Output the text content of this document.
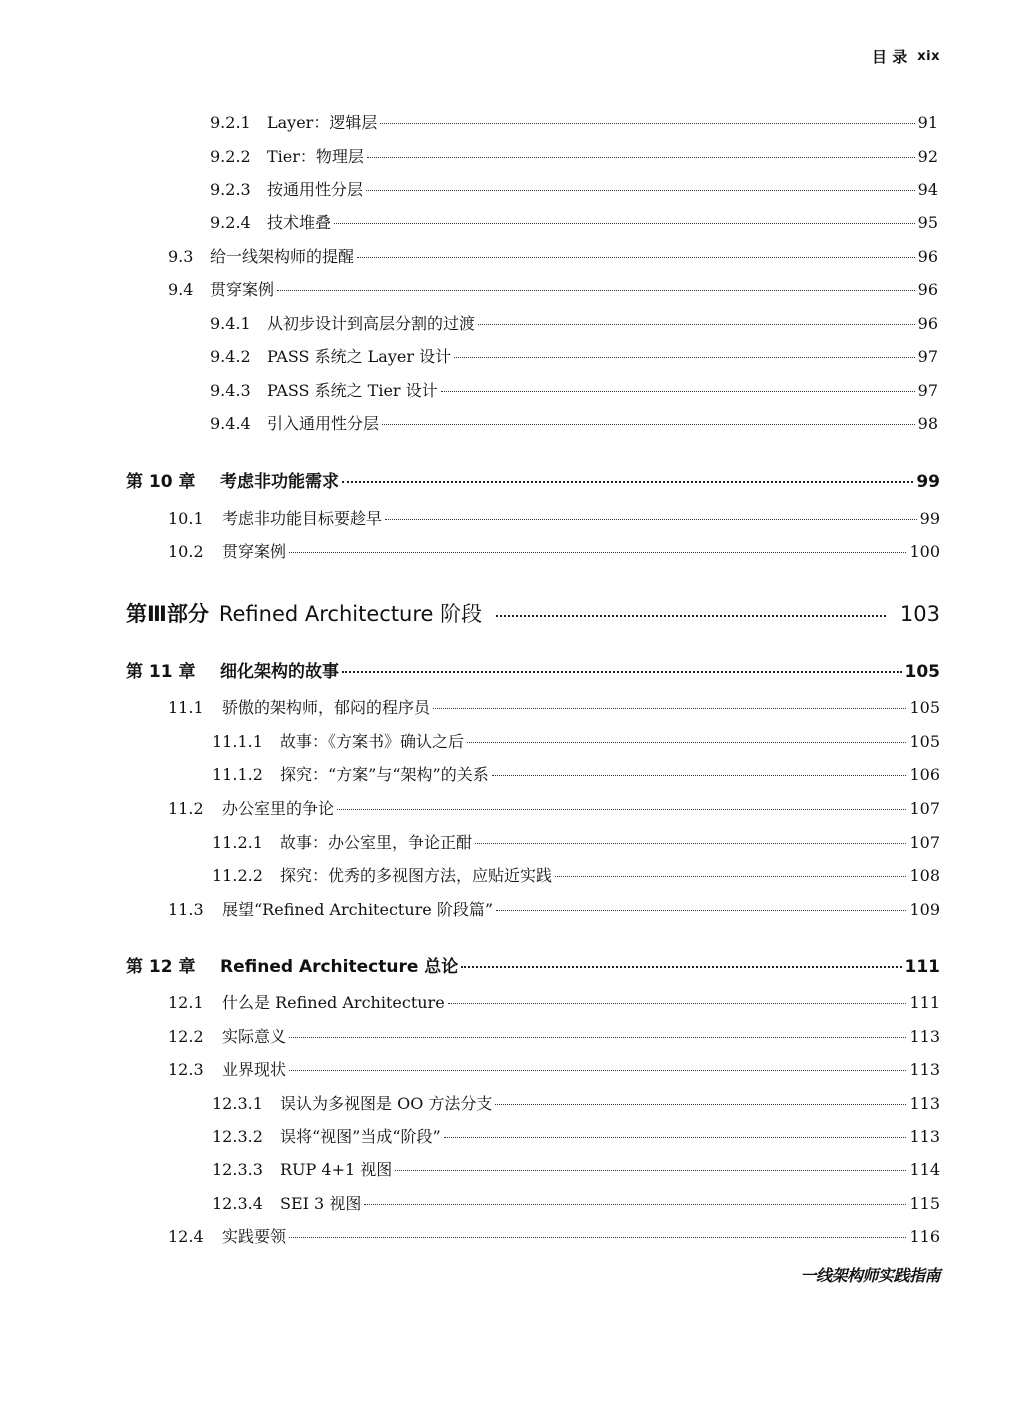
目 录 xix
9.2.1	Layer：逻辑层	91
9.2.2	Tier：物理层	92
9.2.3	按通用性分层	94
9.2.4	技术堆叠	95
9.3	给一线架构师的提醒	96
9.4	贯穿案例	96
9.4.1	从初步设计到高层分割的过渡	96
9.4.2	PASS 系统之 Layer 设计	97
9.4.3	PASS 系统之 Tier 设计	97
9.4.4	引入通用性分层	98
第 10 章	考虑非功能需求	99
10.1	考虑非功能目标要趁早	99
10.2	贯穿案例	100
第Ⅲ部分 Refined Architecture 阶段	103
第 11 章	细化架构的故事	105
11.1	骄傲的架构师，郁闷的程序员	105
11.1.1	故事：《方案书》确认之后	105
11.1.2	探究：“方案”与“架构”的关系	106
11.2	办公室里的争论	107
11.2.1	故事：办公室里，争论正酣	107
11.2.2	探究：优秀的多视图方法，应贴近实践	108
11.3	展望“Refined Architecture 阶段篇”	109
第 12 章	Refined Architecture 总论	111
12.1	什么是 Refined Architecture	111
12.2	实际意义	113
12.3	业界现状	113
12.3.1	误认为多视图是 OO 方法分支	113
12.3.2	误将“视图”当成“阶段”	113
12.3.3	RUP 4+1 视图	114
12.3.4	SEI 3 视图	115
12.4	实践要领	116
一线架构师实践指南
